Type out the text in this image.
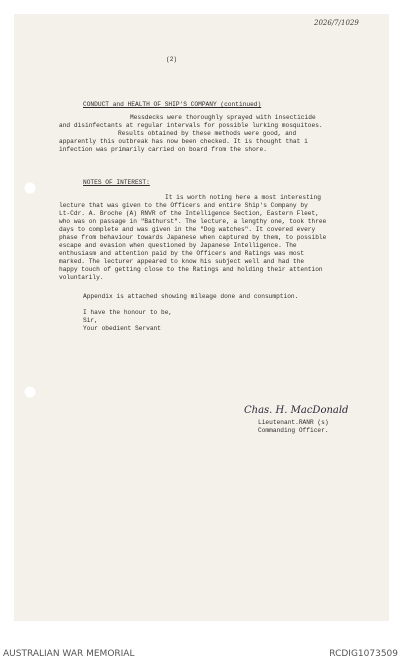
2026/7/1029
(2)
CONDUCT and HEALTH OF SHIP'S COMPANY (continued)
Messdecks were thoroughly sprayed with insecticide
and disinfectants at regular intervals for possible lurking mosquitoes.
Results obtained by these methods were good, and
apparently this outbreak has now been checked. It is thought that i
infection was primarily carried on board from the shore.
NOTES OF INTEREST:
It is worth noting here a most interesting
lecture that was given to the Officers and entire Ship's Company by
Lt-Cdr. A. Broche (A) RNVR of the Intelligence Section, Eastern Fleet,
who was on passage in "Bathurst". The lecture, a lengthy one, took three
days to complete and was given in the "Dog watches". It covered every
phase from behaviour towards Japanese when captured by them, to possible
escape and evasion when questioned by Japanese Intelligence. The
enthusiasm and attention paid by the Officers and Ratings was most
marked. The lecturer appeared to know his subject well and had the
happy touch of getting close to the Ratings and holding their attention
voluntarily.
Appendix is attached showing mileage done and consumption.
I have the honour to be,
Sir,
Your obedient Servant
Chas. H. MacDonald
Lieutenant.RANR (s)
Commanding Officer.
AUSTRALIAN WAR MEMORIAL	RCDIG1073509
